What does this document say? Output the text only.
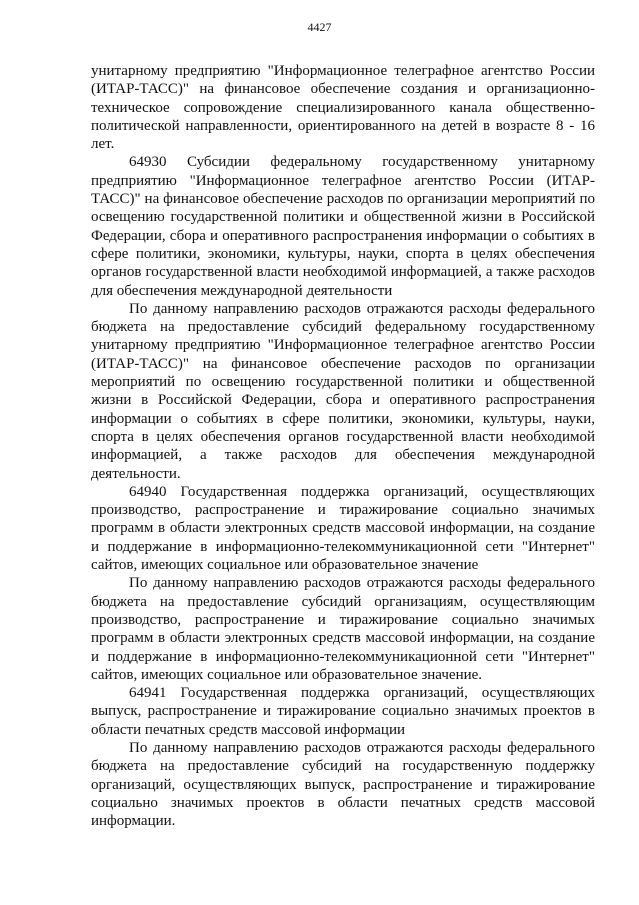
4427

унитарному предприятию "Информационное телеграфное агентство России (ИТАР-ТАСС)" на финансовое обеспечение создания и организационно-техническое сопровождение специализированного канала общественно-политической направленности, ориентированного на детей в возрасте 8 - 16 лет.

64930 Субсидии федеральному государственному унитарному предприятию "Информационное телеграфное агентство России (ИТАР-ТАСС)" на финансовое обеспечение расходов по организации мероприятий по освещению государственной политики и общественной жизни в Российской Федерации, сбора и оперативного распространения информации о событиях в сфере политики, экономики, культуры, науки, спорта в целях обеспечения органов государственной власти необходимой информацией, а также расходов для обеспечения международной деятельности

По данному направлению расходов отражаются расходы федерального бюджета на предоставление субсидий федеральному государственному унитарному предприятию "Информационное телеграфное агентство России (ИТАР-ТАСС)" на финансовое обеспечение расходов по организации мероприятий по освещению государственной политики и общественной жизни в Российской Федерации, сбора и оперативного распространения информации о событиях в сфере политики, экономики, культуры, науки, спорта в целях обеспечения органов государственной власти необходимой информацией, а также расходов для обеспечения международной деятельности.

64940 Государственная поддержка организаций, осуществляющих производство, распространение и тиражирование социально значимых программ в области электронных средств массовой информации, на создание и поддержание в информационно-телекоммуникационной сети "Интернет" сайтов, имеющих социальное или образовательное значение

По данному направлению расходов отражаются расходы федерального бюджета на предоставление субсидий организациям, осуществляющим производство, распространение и тиражирование социально значимых программ в области электронных средств массовой информации, на создание и поддержание в информационно-телекоммуникационной сети "Интернет" сайтов, имеющих социальное или образовательное значение.

64941 Государственная поддержка организаций, осуществляющих выпуск, распространение и тиражирование социально значимых проектов в области печатных средств массовой информации

По данному направлению расходов отражаются расходы федерального бюджета на предоставление субсидий на государственную поддержку организаций, осуществляющих выпуск, распространение и тиражирование социально значимых проектов в области печатных средств массовой информации.
